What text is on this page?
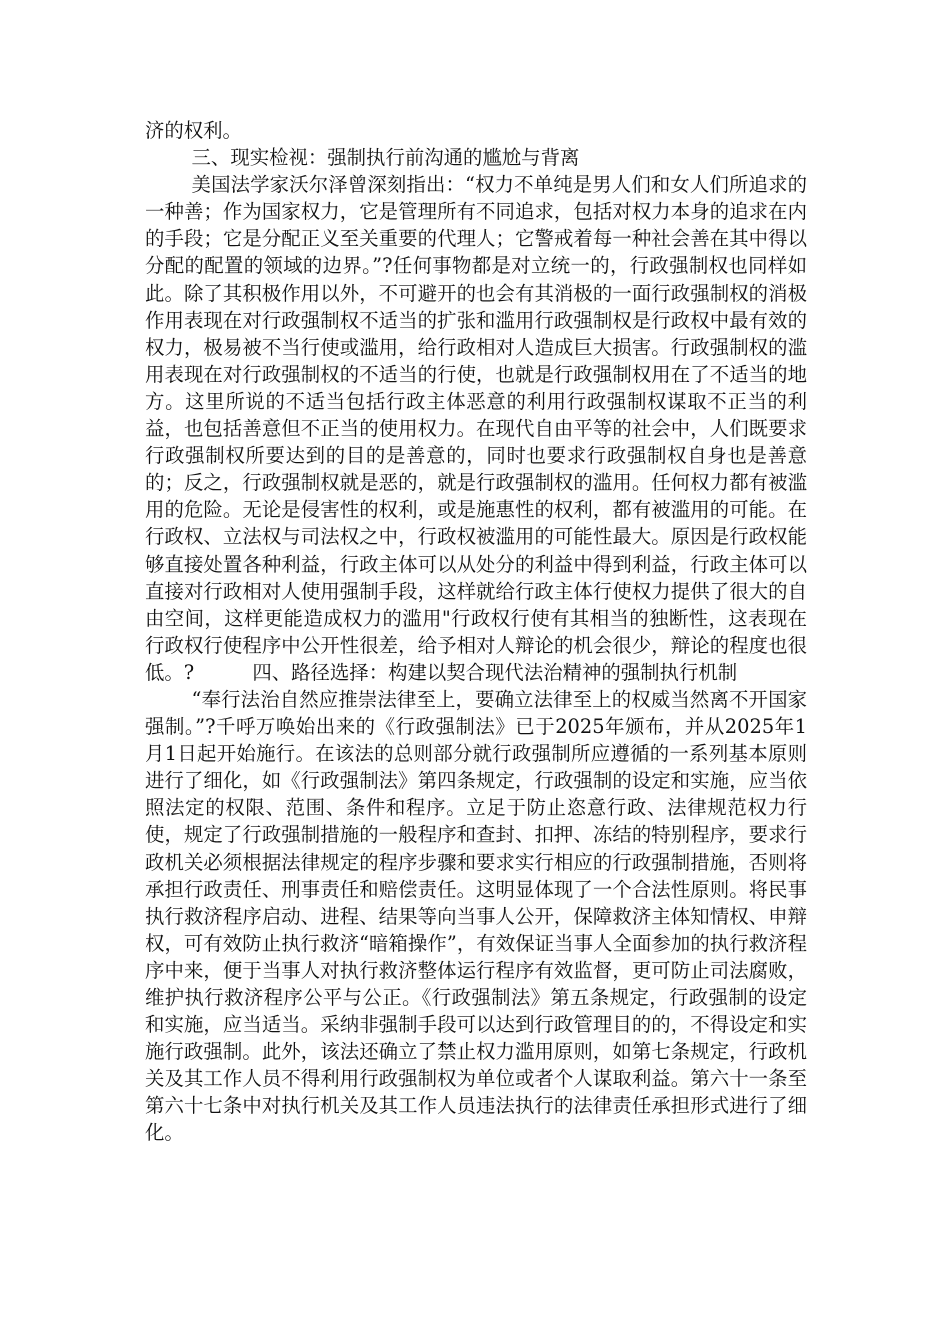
济的权利。

三、现实检视：强制执行前沟通的尴尬与背离

美国法学家沃尔泽曾深刻指出：“权力不单纯是男人们和女人们所追求的一种善；作为国家权力，它是管理所有不同追求，包括对权力本身的追求在内的手段；它是分配正义至关重要的代理人；它警戒着每一种社会善在其中得以分配的配置的领域的边界。”?任何事物都是对立统一的，行政强制权也同样如此。除了其积极作用以外，不可避开的也会有其消极的一面行政强制权的消极作用表现在对行政强制权不适当的扩张和滥用行政强制权是行政权中最有效的权力，极易被不当行使或滥用，给行政相对人造成巨大损害。行政强制权的滥用表现在对行政强制权的不适当的行使，也就是行政强制权用在了不适当的地方。这里所说的不适当包括行政主体恶意的利用行政强制权谋取不正当的利益，也包括善意但不正当的使用权力。在现代自由平等的社会中，人们既要求行政强制权所要达到的目的是善意的，同时也要求行政强制权自身也是善意的；反之，行政强制权就是恶的，就是行政强制权的滥用。任何权力都有被滥用的危险。无论是侵害性的权利，或是施惠性的权利，都有被滥用的可能。在行政权、立法权与司法权之中，行政权被滥用的可能性最大。原因是行政权能够直接处置各种利益，行政主体可以从处分的利益中得到利益，行政主体可以直接对行政相对人使用强制手段，这样就给行政主体行使权力提供了很大的自由空间，这样更能造成权力的滥用"行政权行使有其相当的独断性，这表现在行政权行使程序中公开性很差，给予相对人辩论的机会很少，辩论的程度也很低。?　　　四、路径选择：构建以契合现代法治精神的强制执行机制

“奉行法治自然应推崇法律至上，要确立法律至上的权威当然离不开国家强制。”?千呼万唤始出来的《行政强制法》已于2025年颁布，并从2025年1月1日起开始施行。在该法的总则部分就行政强制所应遵循的一系列基本原则进行了细化，如《行政强制法》第四条规定，行政强制的设定和实施，应当依照法定的权限、范围、条件和程序。立足于防止恣意行政、法律规范权力行使，规定了行政强制措施的一般程序和查封、扣押、冻结的特别程序，要求行政机关必须根据法律规定的程序步骤和要求实行相应的行政强制措施，否则将承担行政责任、刑事责任和赔偿责任。这明显体现了一个合法性原则。将民事执行救济程序启动、进程、结果等向当事人公开，保障救济主体知情权、申辩权，可有效防止执行救济“暗箱操作”，有效保证当事人全面参加的执行救济程序中来，便于当事人对执行救济整体运行程序有效监督，更可防止司法腐败，维护执行救济程序公平与公正。《行政强制法》第五条规定，行政强制的设定和实施，应当适当。采纳非强制手段可以达到行政管理目的的，不得设定和实施行政强制。此外，该法还确立了禁止权力滥用原则，如第七条规定，行政机关及其工作人员不得利用行政强制权为单位或者个人谋取利益。第六十一条至第六十七条中对执行机关及其工作人员违法执行的法律责任承担形式进行了细化。
